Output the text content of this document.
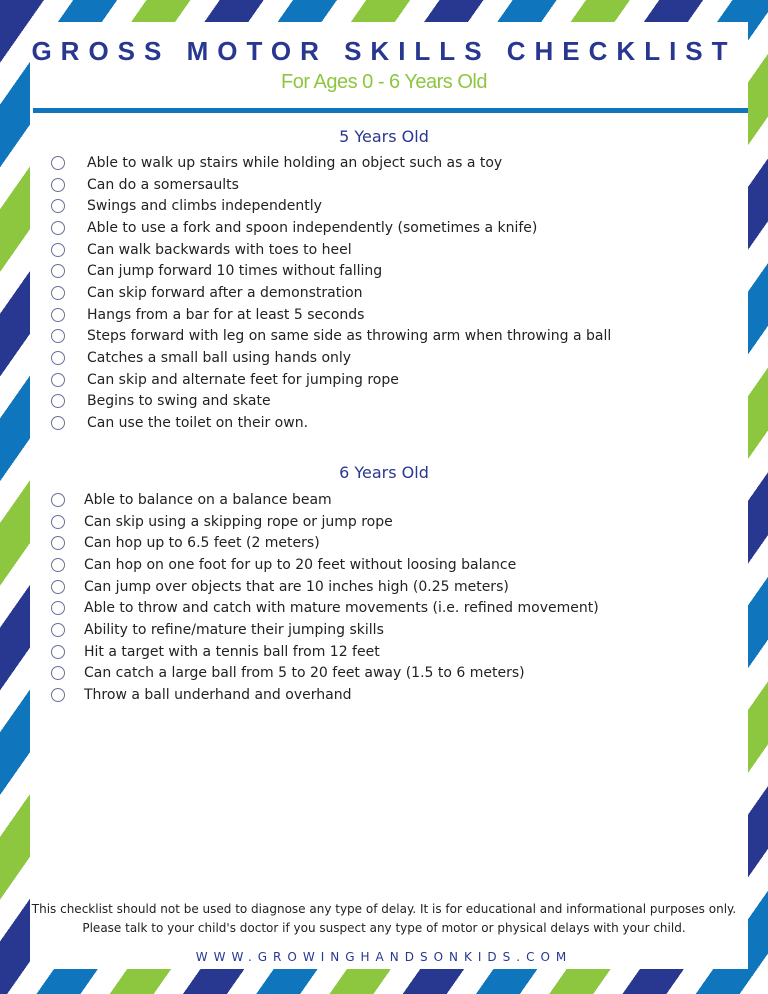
GROSS MOTOR SKILLS CHECKLIST
For Ages 0 - 6 Years Old
5 Years Old
Able to walk up stairs while holding an object such as a toy
Can do a somersaults
Swings and climbs independently
Able to use a fork and spoon independently (sometimes a knife)
Can walk backwards with toes to heel
Can jump forward 10 times without falling
Can skip forward after a demonstration
Hangs from a bar for at least 5 seconds
Steps forward with leg on same side as throwing arm when throwing a ball
Catches a small ball using hands only
Can skip and alternate feet for jumping rope
Begins to swing and skate
Can use the toilet on their own.
6 Years Old
Able to balance on a balance beam
Can skip using a skipping rope or jump rope
Can hop up to 6.5 feet (2 meters)
Can hop on one foot for up to 20 feet without loosing balance
Can jump over objects that are 10 inches high (0.25 meters)
Able to throw and catch with mature movements (i.e. refined movement)
Ability to refine/mature their jumping skills
Hit a target with a tennis ball from 12 feet
Can catch a large ball from 5 to 20 feet away (1.5 to 6 meters)
Throw a ball underhand and overhand
This checklist should not be used to diagnose any type of delay. It is for educational and informational purposes only.
Please talk to your child's doctor if you suspect any type of motor or physical delays with your child.
WWW.GROWINGHANDSONKIDS.COM
